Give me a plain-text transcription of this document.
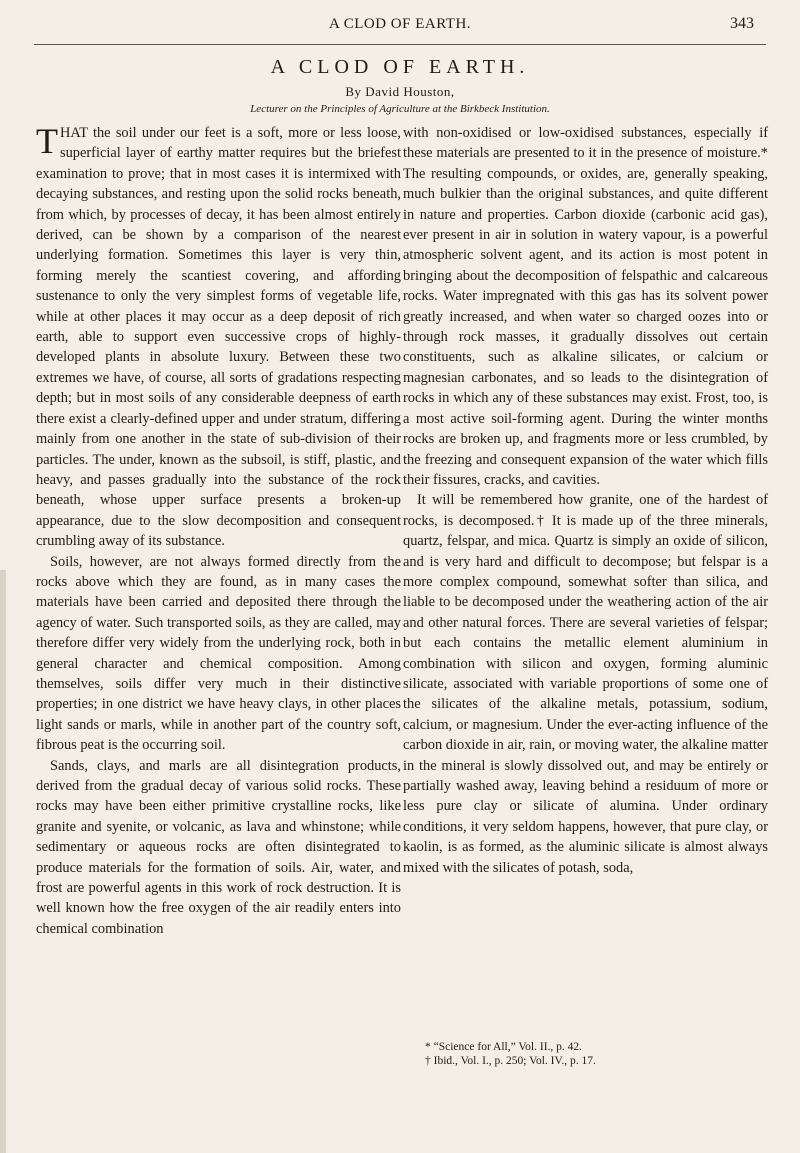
A CLOD OF EARTH.	343
A CLOD OF EARTH.
By David Houston,
Lecturer on the Principles of Agriculture at the Birkbeck Institution.

THAT the soil under our feet is a soft, more or less loose, superficial layer of earthy matter requires but the briefest examination to prove; that in most cases it is intermixed with decaying substances, and resting upon the solid rocks beneath, from which, by processes of decay, it has been almost entirely derived, can be shown by a comparison of the nearest underlying formation. Sometimes this layer is very thin, forming merely the scantiest covering, and affording sustenance to only the very simplest forms of vegetable life, while at other places it may occur as a deep deposit of rich earth, able to support even successive crops of highly-developed plants in absolute luxury. Between these two extremes we have, of course, all sorts of gradations respecting depth; but in most soils of any considerable deepness of earth there exist a clearly-defined upper and under stratum, differing mainly from one another in the state of sub-division of their particles. The under, known as the subsoil, is stiff, plastic, and heavy, and passes gradually into the substance of the rock beneath, whose upper surface presents a broken-up appearance, due to the slow decomposition and consequent crumbling away of its substance.

Soils, however, are not always formed directly from the rocks above which they are found, as in many cases the materials have been carried and deposited there through the agency of water. Such transported soils, as they are called, may therefore differ very widely from the underlying rock, both in general character and chemical composition. Among themselves, soils differ very much in their distinctive properties; in one district we have heavy clays, in other places light sands or marls, while in another part of the country soft, fibrous peat is the occurring soil.

Sands, clays, and marls are all disintegration products, derived from the gradual decay of various solid rocks. These rocks may have been either primitive crystalline rocks, like granite and syenite, or volcanic, as lava and whinstone; while sedimentary or aqueous rocks are often disintegrated to produce materials for the formation of soils. Air, water, and frost are powerful agents in this work of rock destruction. It is well known how the free oxygen of the air readily enters into chemical combination

with non-oxidised or low-oxidised substances, especially if these materials are presented to it in the presence of moisture.* The resulting compounds, or oxides, are, generally speaking, much bulkier than the original substances, and quite different in nature and properties. Carbon dioxide (carbonic acid gas), ever present in air in solution in watery vapour, is a powerful atmospheric solvent agent, and its action is most potent in bringing about the decomposition of felspathic and calcareous rocks. Water impregnated with this gas has its solvent power greatly increased, and when water so charged oozes into or through rock masses, it gradually dissolves out certain constituents, such as alkaline silicates, or calcium or magnesian carbonates, and so leads to the disintegration of rocks in which any of these substances may exist. Frost, too, is a most active soil-forming agent. During the winter months rocks are broken up, and fragments more or less crumbled, by the freezing and consequent expansion of the water which fills their fissures, cracks, and cavities.

It will be remembered how granite, one of the hardest of rocks, is decomposed.† It is made up of the three minerals, quartz, felspar, and mica. Quartz is simply an oxide of silicon, and is very hard and difficult to decompose; but felspar is a more complex compound, somewhat softer than silica, and liable to be decomposed under the weathering action of the air and other natural forces. There are several varieties of felspar; but each contains the metallic element aluminium in combination with silicon and oxygen, forming aluminic silicate, associated with variable proportions of some one of the silicates of the alkaline metals, potassium, sodium, calcium, or magnesium. Under the ever-acting influence of the carbon dioxide in air, rain, or moving water, the alkaline matter in the mineral is slowly dissolved out, and may be entirely or partially washed away, leaving behind a residuum of more or less pure clay or silicate of alumina. Under ordinary conditions, it very seldom happens, however, that pure clay, or kaolin, is as formed, as the aluminic silicate is almost always mixed with the silicates of potash, soda,

* “Science for All,” Vol. II., p. 42.

† Ibid., Vol. I., p. 250; Vol. IV., p. 17.
